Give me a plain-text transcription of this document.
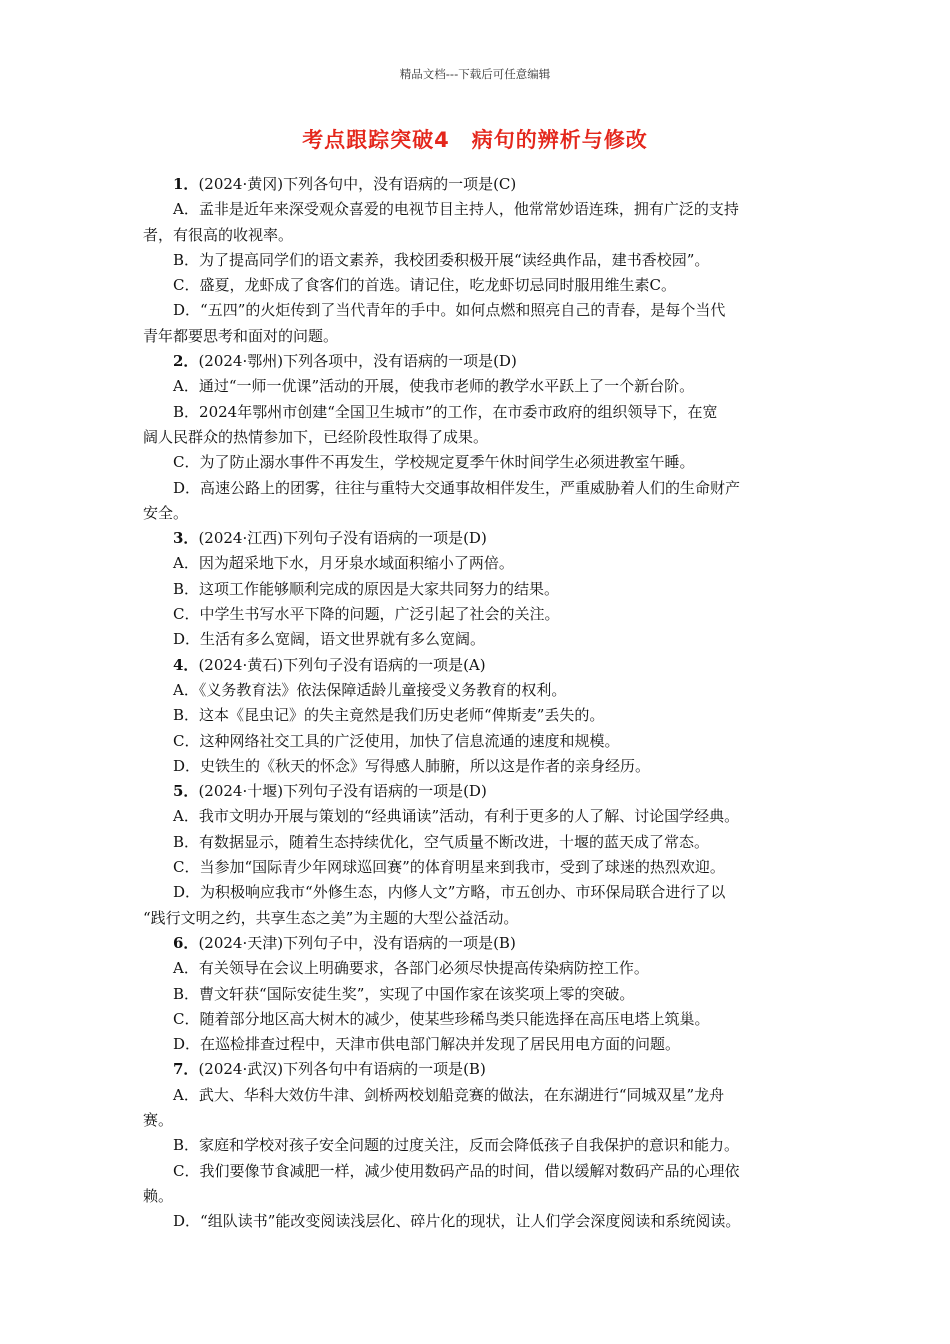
精品文档---下载后可任意编辑
考点跟踪突破4　病句的辨析与修改
1．(2024·黄冈)下列各句中，没有语病的一项是(C)
A．孟非是近年来深受观众喜爱的电视节目主持人，他常常妙语连珠，拥有广泛的支持
者，有很高的收视率。
B．为了提高同学们的语文素养，我校团委积极开展“读经典作品，建书香校园”。
C．盛夏，龙虾成了食客们的首选。请记住，吃龙虾切忌同时服用维生素C。
D．“五四”的火炬传到了当代青年的手中。如何点燃和照亮自己的青春，是每个当代
青年都要思考和面对的问题。
2．(2024·鄂州)下列各项中，没有语病的一项是(D)
A．通过“一师一优课”活动的开展，使我市老师的教学水平跃上了一个新台阶。
B．2024年鄂州市创建“全国卫生城市”的工作，在市委市政府的组织领导下，在宽
阔人民群众的热情参加下，已经阶段性取得了成果。
C．为了防止溺水事件不再发生，学校规定夏季午休时间学生必须进教室午睡。
D．高速公路上的团雾，往往与重特大交通事故相伴发生，严重威胁着人们的生命财产
安全。
3．(2024·江西)下列句子没有语病的一项是(D)
A．因为超采地下水，月牙泉水域面积缩小了两倍。
B．这项工作能够顺利完成的原因是大家共同努力的结果。
C．中学生书写水平下降的问题，广泛引起了社会的关注。
D．生活有多么宽阔，语文世界就有多么宽阔。
4．(2024·黄石)下列句子没有语病的一项是(A)
A．《义务教育法》依法保障适龄儿童接受义务教育的权利。
B．这本《昆虫记》的失主竟然是我们历史老师“俾斯麦”丢失的。
C．这种网络社交工具的广泛使用，加快了信息流通的速度和规模。
D．史铁生的《秋天的怀念》写得感人肺腑，所以这是作者的亲身经历。
5．(2024·十堰)下列句子没有语病的一项是(D)
A．我市文明办开展与策划的“经典诵读”活动，有利于更多的人了解、讨论国学经典。
B．有数据显示，随着生态持续优化，空气质量不断改进，十堰的蓝天成了常态。
C．当参加“国际青少年网球巡回赛”的体育明星来到我市，受到了球迷的热烈欢迎。
D．为积极响应我市“外修生态，内修人文”方略，市五创办、市环保局联合进行了以
“践行文明之约，共享生态之美”为主题的大型公益活动。
6．(2024·天津)下列句子中，没有语病的一项是(B)
A．有关领导在会议上明确要求，各部门必须尽快提高传染病防控工作。
B．曹文轩获“国际安徒生奖”，实现了中国作家在该奖项上零的突破。
C．随着部分地区高大树木的减少，使某些珍稀鸟类只能选择在高压电塔上筑巢。
D．在巡检排查过程中，天津市供电部门解决并发现了居民用电方面的问题。
7．(2024·武汉)下列各句中有语病的一项是(B)
A．武大、华科大效仿牛津、剑桥两校划船竞赛的做法，在东湖进行“同城双星”龙舟
赛。
B．家庭和学校对孩子安全问题的过度关注，反而会降低孩子自我保护的意识和能力。
C．我们要像节食减肥一样，减少使用数码产品的时间，借以缓解对数码产品的心理依
赖。
D．“组队读书”能改变阅读浅层化、碎片化的现状，让人们学会深度阅读和系统阅读。
